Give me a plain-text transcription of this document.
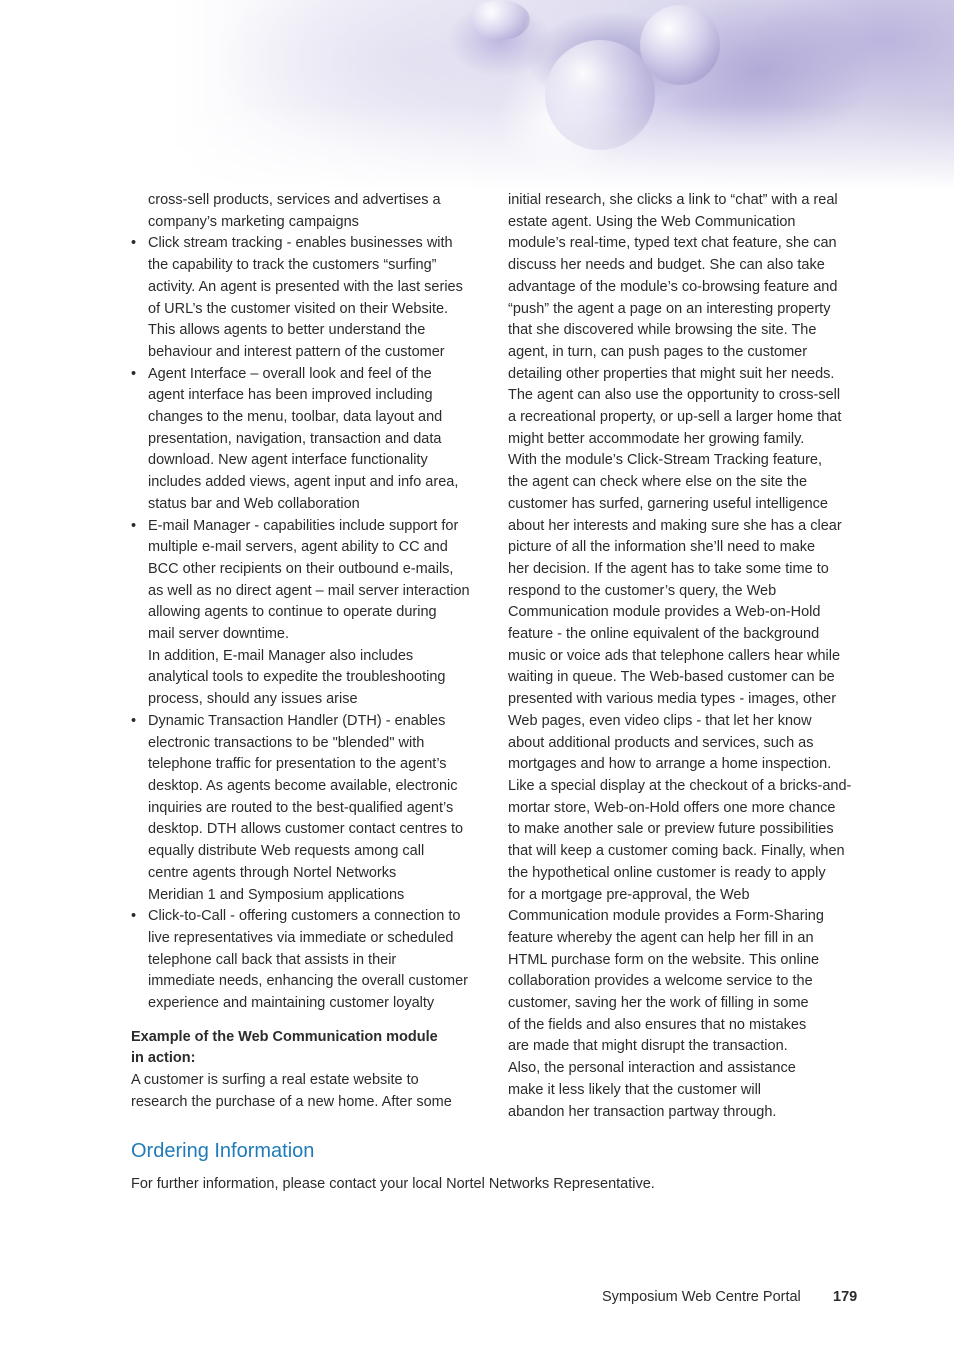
cross-sell products, services and advertises a
company’s marketing campaigns
• Click stream tracking - enables businesses with
the capability to track the customers “surfing”
activity. An agent is presented with the last series
of URL’s the customer visited on their Website.
This allows agents to better understand the
behaviour and interest pattern of the customer
• Agent Interface – overall look and feel of the
agent interface has been improved including
changes to the menu, toolbar, data layout and
presentation, navigation, transaction and data
download. New agent interface functionality
includes added views, agent input and info area,
status bar and Web collaboration
• E-mail Manager - capabilities include support for
multiple e-mail servers, agent ability to CC and
BCC other recipients on their outbound e-mails,
as well as no direct agent – mail server interaction
allowing agents to continue to operate during
mail server downtime.
In addition, E-mail Manager also includes
analytical tools to expedite the troubleshooting
process, should any issues arise
• Dynamic Transaction Handler (DTH) - enables
electronic transactions to be "blended" with
telephone traffic for presentation to the agent’s
desktop. As agents become available, electronic
inquiries are routed to the best-qualified agent’s
desktop. DTH allows customer contact centres to
equally distribute Web requests among call
centre agents through Nortel Networks
Meridian 1 and Symposium applications
• Click-to-Call - offering customers a connection to
live representatives via immediate or scheduled
telephone call back that assists in their
immediate needs, enhancing the overall customer
experience and maintaining customer loyalty
Example of the Web Communication module
in action:
A customer is surfing a real estate website to
research the purchase of a new home. After some
initial research, she clicks a link to “chat” with a real
estate agent. Using the Web Communication
module’s real-time, typed text chat feature, she can
discuss her needs and budget. She can also take
advantage of the module’s co-browsing feature and
“push” the agent a page on an interesting property
that she discovered while browsing the site. The
agent, in turn, can push pages to the customer
detailing other properties that might suit her needs.
The agent can also use the opportunity to cross-sell
a recreational property, or up-sell a larger home that
might better accommodate her growing family.
With the module’s Click-Stream Tracking feature,
the agent can check where else on the site the
customer has surfed, garnering useful intelligence
about her interests and making sure she has a clear
picture of all the information she’ll need to make
her decision. If the agent has to take some time to
respond to the customer’s query, the Web
Communication module provides a Web-on-Hold
feature - the online equivalent of the background
music or voice ads that telephone callers hear while
waiting in queue. The Web-based customer can be
presented with various media types - images, other
Web pages, even video clips - that let her know
about additional products and services, such as
mortgages and how to arrange a home inspection.
Like a special display at the checkout of a bricks-and-
mortar store, Web-on-Hold offers one more chance
to make another sale or preview future possibilities
that will keep a customer coming back. Finally, when
the hypothetical online customer is ready to apply
for a mortgage pre-approval, the Web
Communication module provides a Form-Sharing
feature whereby the agent can help her fill in an
HTML purchase form on the website. This online
collaboration provides a welcome service to the
customer, saving her the work of filling in some
of the fields and also ensures that no mistakes
are made that might disrupt the transaction.
Also, the personal interaction and assistance
make it less likely that the customer will
abandon her transaction partway through.
Ordering Information
For further information, please contact your local Nortel Networks Representative.
Symposium Web Centre Portal 179
